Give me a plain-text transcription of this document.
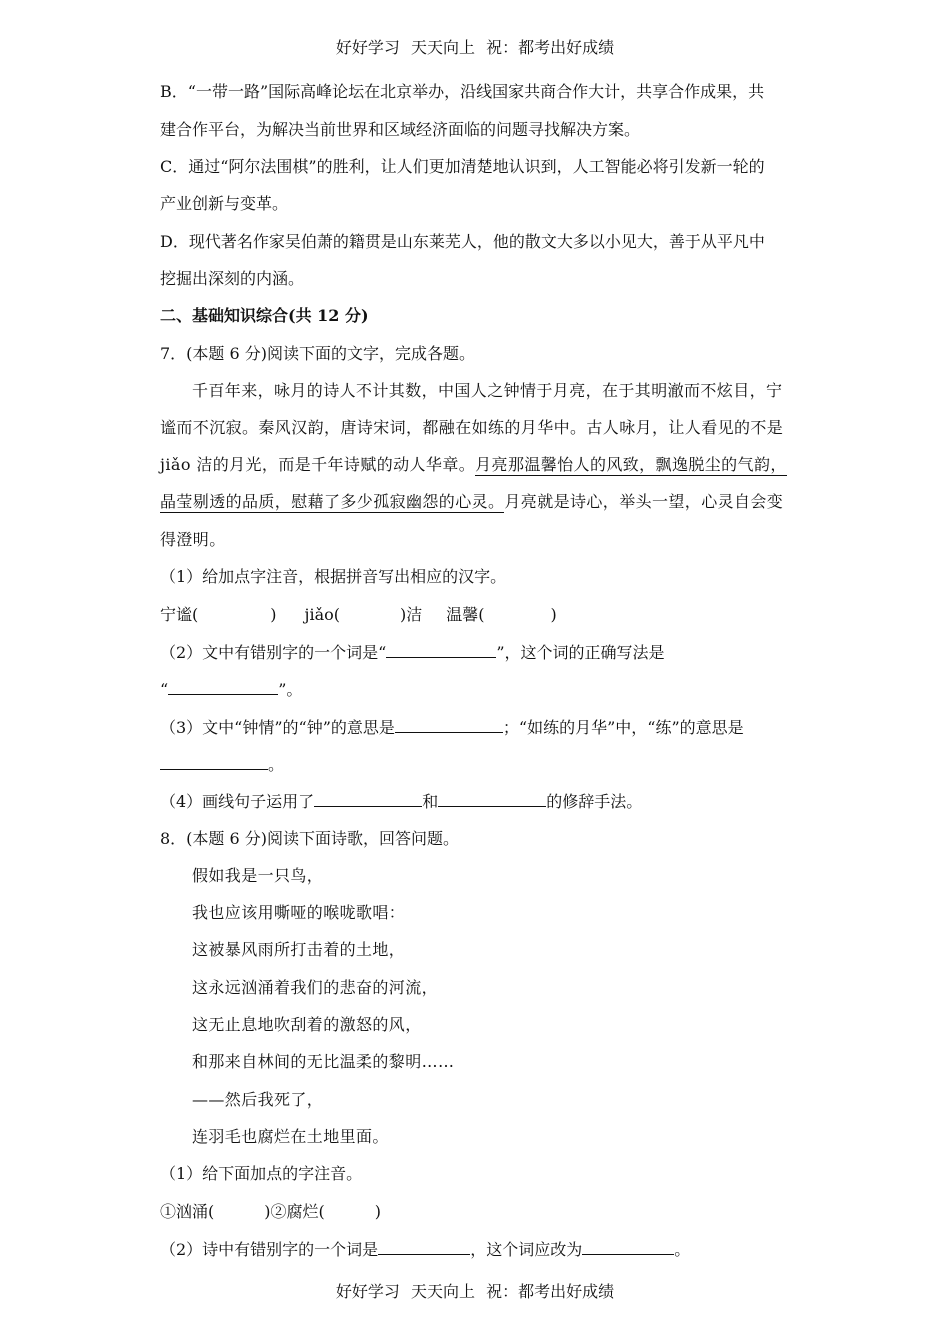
好好学习 天天向上 祝：都考出好成绩
B．“一带一路”国际高峰论坛在北京举办，沿线国家共商合作大计，共享合作成果，共
建合作平台，为解决当前世界和区域经济面临的问题寻找解决方案。
C．通过“阿尔法围棋”的胜利，让人们更加清楚地认识到，人工智能必将引发新一轮的
产业创新与变革。
D．现代著名作家吴伯萧的籍贯是山东莱芜人，他的散文大多以小见大，善于从平凡中
挖掘出深刻的内涵。
二、基础知识综合(共 12 分)
7．(本题 6 分)阅读下面的文字，完成各题。
千百年来，咏月的诗人不计其数，中国人之钟情于月亮，在于其明澈而不炫目，宁
谧而不沉寂。秦风汉韵，唐诗宋词，都融在如练的月华中。古人咏月，让人看见的不是
jiǎo 洁的月光，而是千年诗赋的动人华章。月亮那温馨怡人的风致，飘逸脱尘的气韵，
晶莹剔透的品质，慰藉了多少孤寂幽怨的心灵。月亮就是诗心，举头一望，心灵自会变
得澄明。
（1）给加点字注音，根据拼音写出相应的汉字。
宁谧(	) jiǎo(	)洁 温馨(	)
（2）文中有错别字的一个词是“	”，这个词的正确写法是
“	”。
（3）文中“钟情”的“钟”的意思是	；“如练的月华”中，“练”的意思是
。
（4）画线句子运用了	和	的修辞手法。
8．(本题 6 分)阅读下面诗歌，回答问题。
假如我是一只鸟，
我也应该用嘶哑的喉咙歌唱：
这被暴风雨所打击着的土地，
这永远汹涌着我们的悲奋的河流，
这无止息地吹刮着的激怒的风，
和那来自林间的无比温柔的黎明……
——然后我死了，
连羽毛也腐烂在土地里面。
（1）给下面加点的字注音。
①汹涌(	)②腐烂(	)
（2）诗中有错别字的一个词是	，这个词应改为	。
好好学习 天天向上 祝：都考出好成绩
